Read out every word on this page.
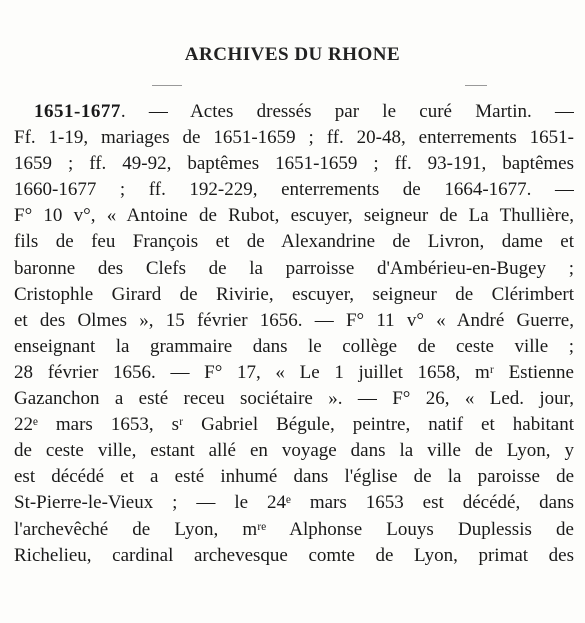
ARCHIVES DU RHONE
1651-1677. — Actes dressés par le curé Martin. —
Ff. 1-19, mariages de 1651-1659 ; ff. 20-48, enterrements 1651-
1659 ; ff. 49-92, baptêmes 1651-1659 ; ff. 93-191, baptêmes
1660-1677 ; ff. 192-229, enterrements de 1664-1677. —
F° 10 v°, « Antoine de Rubot, escuyer, seigneur de La Thullière,
fils de feu François et de Alexandrine de Livron, dame et
baronne des Clefs de la parroisse d'Ambérieu-en-Bugey ;
Cristophle Girard de Rivirie, escuyer, seigneur de Clérimbert
et des Olmes », 15 février 1656. — F° 11 v° « André Guerre,
enseignant la grammaire dans le collège de ceste ville ;
28 février 1656. — F° 17, « Le 1 juillet 1658, mʳ Estienne
Gazanchon a esté receu sociétaire ». — F° 26, « Led. jour,
22ᵉ mars 1653, sʳ Gabriel Bégule, peintre, natif et habitant
de ceste ville, estant allé en voyage dans la ville de Lyon, y
est décédé et a esté inhumé dans l'église de la paroisse de
St-Pierre-le-Vieux ; — le 24ᵉ mars 1653 est décédé, dans
l'archevêché de Lyon, mʳᵉ Alphonse Louys Duplessis de
Richelieu, cardinal archevesque comte de Lyon, primat des
